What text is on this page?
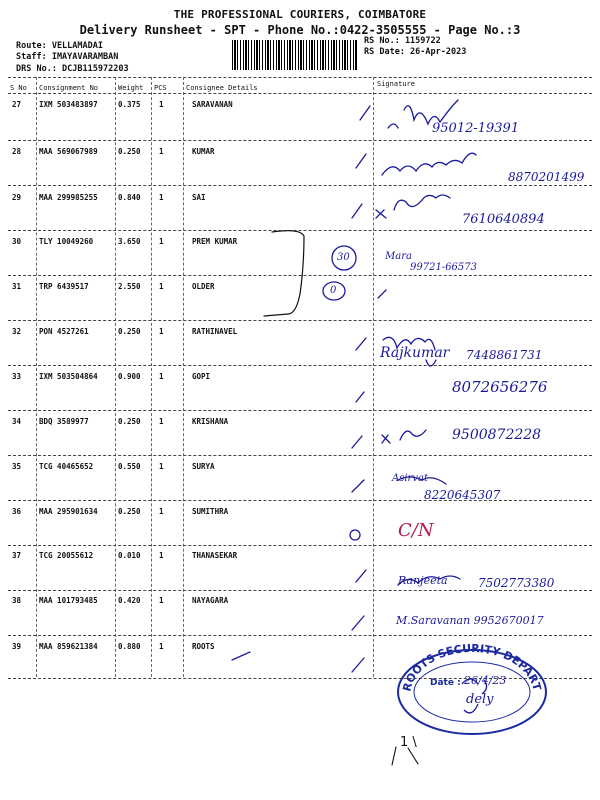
THE PROFESSIONAL COURIERS, COIMBATORE
Delivery Runsheet - SPT - Phone No.:0422-3505555 - Page No.:3
Route: VELLAMADAI
Staff: IMAYAVARAMBAN
DRS No.: DCJB115972203
RS No.: 1159722
RS Date: 26-Apr-2023
S No Consignment No	Weight PCS	Consignee Details	Signature
27 IXM 503483897	0.375 1	SARAVANAN
95012-19391
28 MAA 569067989	0.250 1	KUMAR
8870201499
29 MAA 299985255	0.840 1	SAI
7610640894
30 TLY 10049260	3.650 1	PREM KUMAR
Mara
99721-66573
31 TRP 6439517	2.550 1	OLDER
32 PON 4527261	0.250 1	RATHINAVEL
Rajkumar 7448861731
33 IXM 503504864	0.900 1	GOPI
8072656276
34 BDQ 3589977	0.250 1	KRISHANA
9500872228
35 TCG 40465652	0.550 1	SURYA
Asirvat
8220645307
36 MAA 295901634	0.250 1	SUMITHRA
C/N
37 TCG 20055612	0.010 1	THANASEKAR
Ranjeeta	7502773380
38 MAA 101793485	0.420 1	NAYAGARA
M.Saravanan 9952670017
39 MAA 859621384	0.880 1	ROOTS
30
0
1 \
ROOTS SECURITY DEPART
Date : 26/4/23
dely
